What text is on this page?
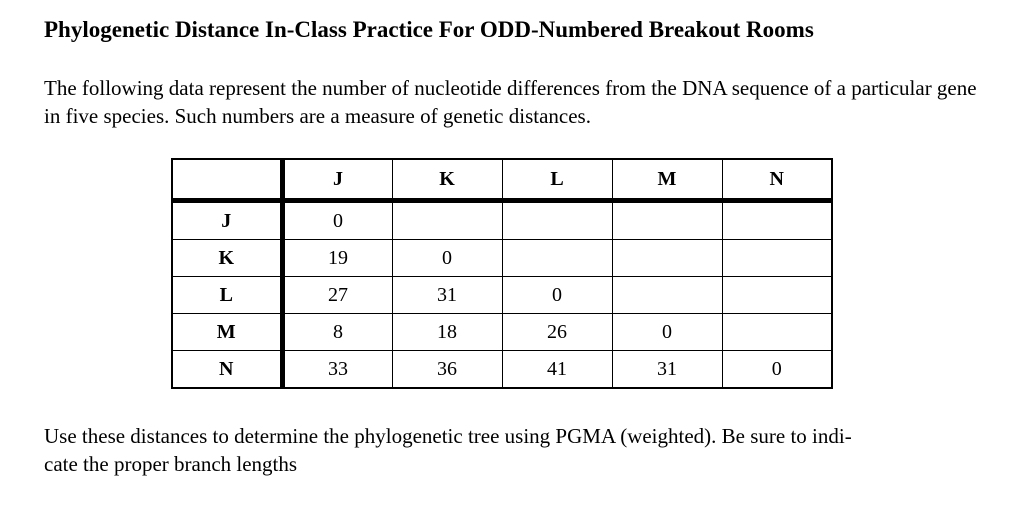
Phylogenetic Distance In-Class Practice For ODD-Numbered Breakout Rooms
The following data represent the number of nucleotide differences from the DNA sequence of a particular gene in five species. Such numbers are a measure of genetic distances.
	J	K	L	M	N
J	0				
K	19	0			
L	27	31	0		
M	8	18	26	0	
N	33	36	41	31	0
Use these distances to determine the phylogenetic tree using PGMA (weighted). Be sure to indi-
cate the proper branch lengths
